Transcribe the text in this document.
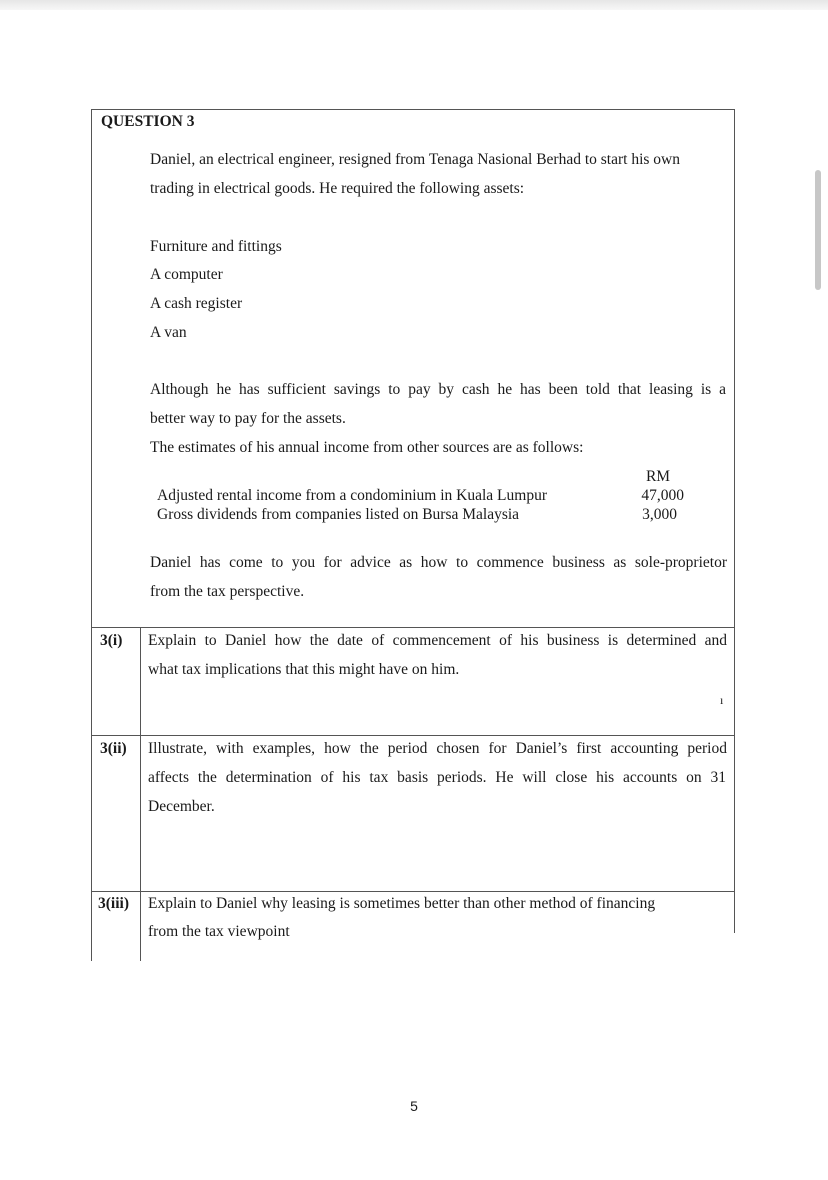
QUESTION 3
Daniel, an electrical engineer, resigned from Tenaga Nasional Berhad to start his own
trading in electrical goods. He required the following assets:
Furniture and fittings
A computer
A cash register
A van
Although he has sufficient savings to pay by cash he has been told that leasing is a
better way to pay for the assets.
The estimates of his annual income from other sources are as follows:
RM
Adjusted rental income from a condominium in Kuala Lumpur	47,000
Gross dividends from companies listed on Bursa Malaysia	3,000
Daniel has come to you for advice as how to commence business as sole-proprietor
from the tax perspective.
3(i) Explain to Daniel how the date of commencement of his business is determined and
what tax implications that this might have on him.
ı
3(ii) Illustrate, with examples, how the period chosen for Daniel’s first accounting period
affects the determination of his tax basis periods. He will close his accounts on 31
December.
3(iii) Explain to Daniel why leasing is sometimes better than other method of financing
from the tax viewpoint
5
